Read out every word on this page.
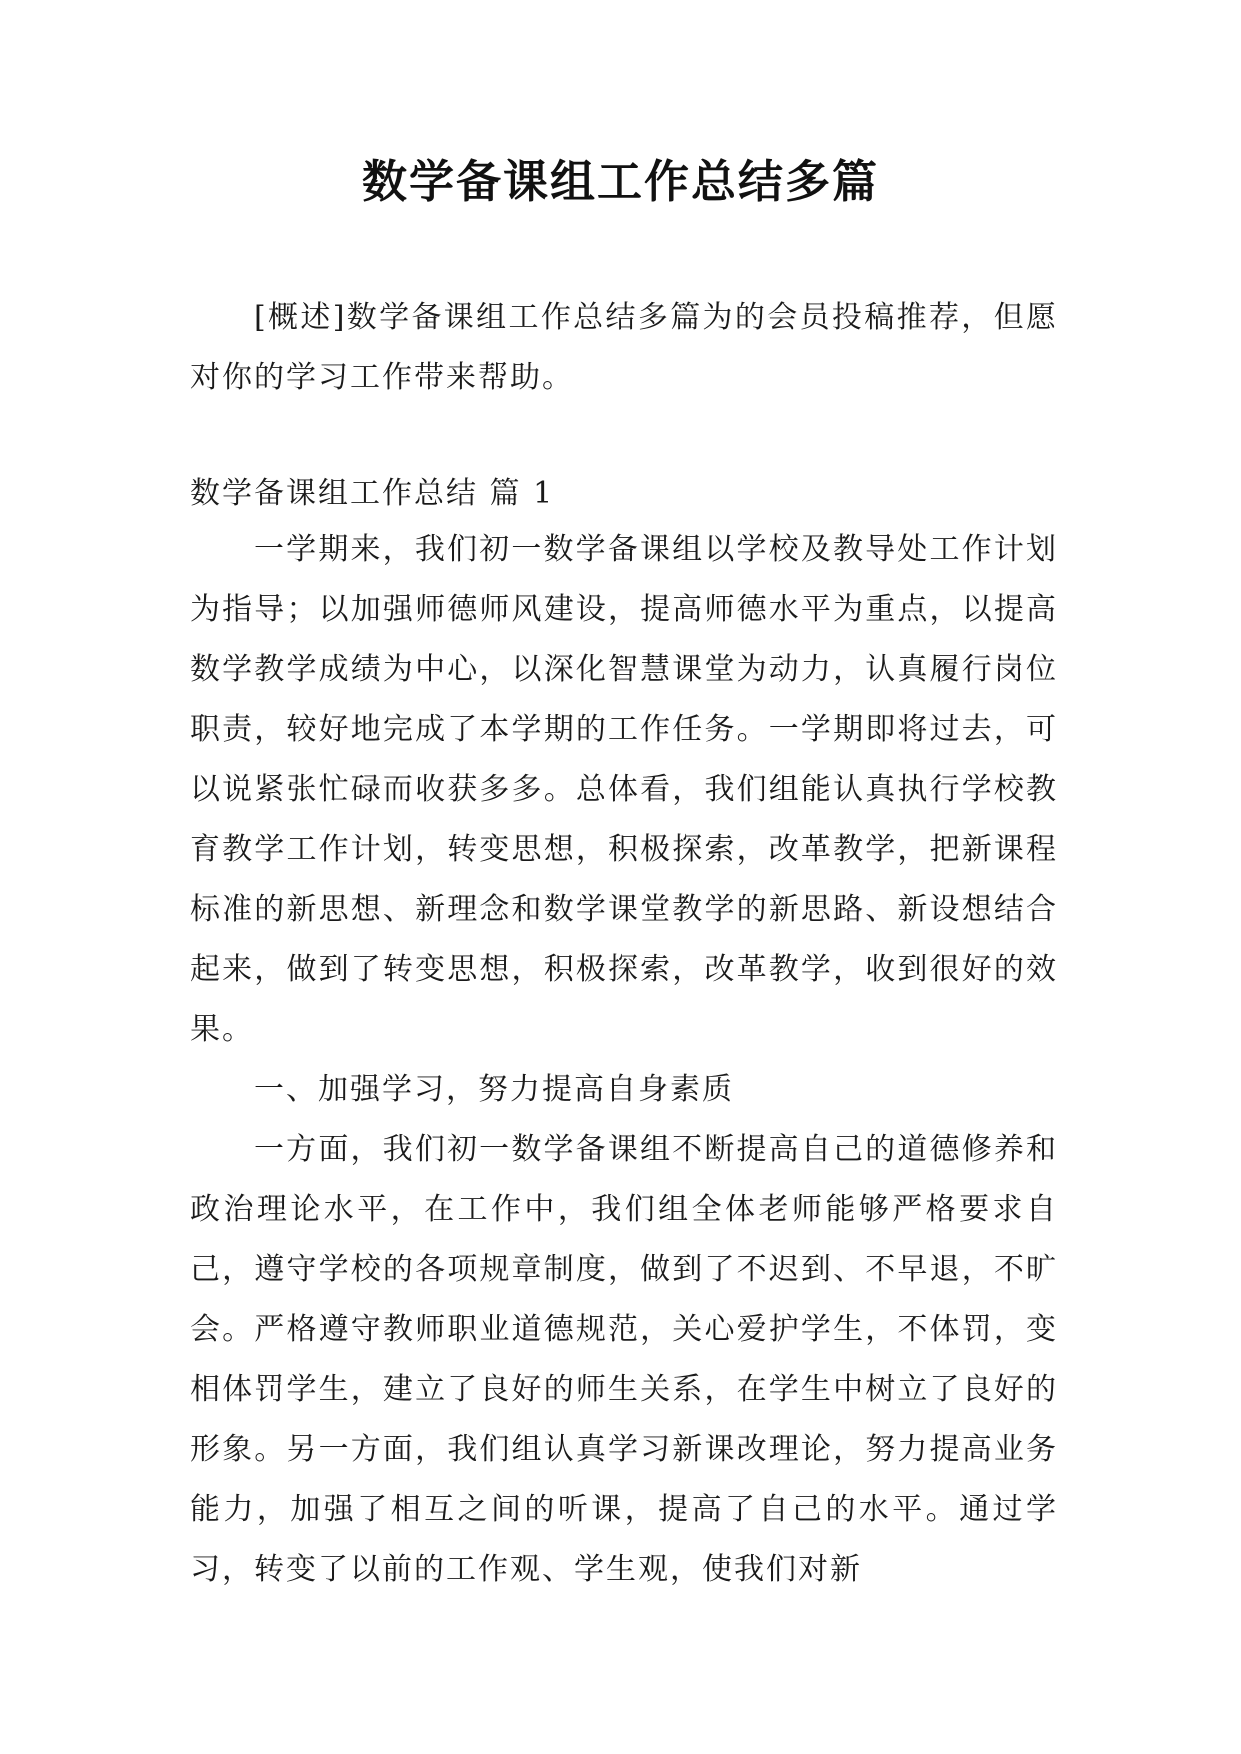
数学备课组工作总结多篇

[概述]数学备课组工作总结多篇为的会员投稿推荐，但愿对你的学习工作带来帮助。

数学备课组工作总结 篇 1

一学期来，我们初一数学备课组以学校及教导处工作计划为指导；以加强师德师风建设，提高师德水平为重点，以提高数学教学成绩为中心，以深化智慧课堂为动力，认真履行岗位职责，较好地完成了本学期的工作任务。一学期即将过去，可以说紧张忙碌而收获多多。总体看，我们组能认真执行学校教育教学工作计划，转变思想，积极探索，改革教学，把新课程标准的新思想、新理念和数学课堂教学的新思路、新设想结合起来，做到了转变思想，积极探索，改革教学，收到很好的效果。

一、加强学习，努力提高自身素质

一方面，我们初一数学备课组不断提高自己的道德修养和政治理论水平，在工作中，我们组全体老师能够严格要求自己，遵守学校的各项规章制度，做到了不迟到、不早退，不旷会。严格遵守教师职业道德规范，关心爱护学生，不体罚，变相体罚学生，建立了良好的师生关系，在学生中树立了良好的形象。另一方面，我们组认真学习新课改理论，努力提高业务能力，加强了相互之间的听课，提高了自己的水平。通过学习，转变了以前的工作观、学生观，使我们对新
